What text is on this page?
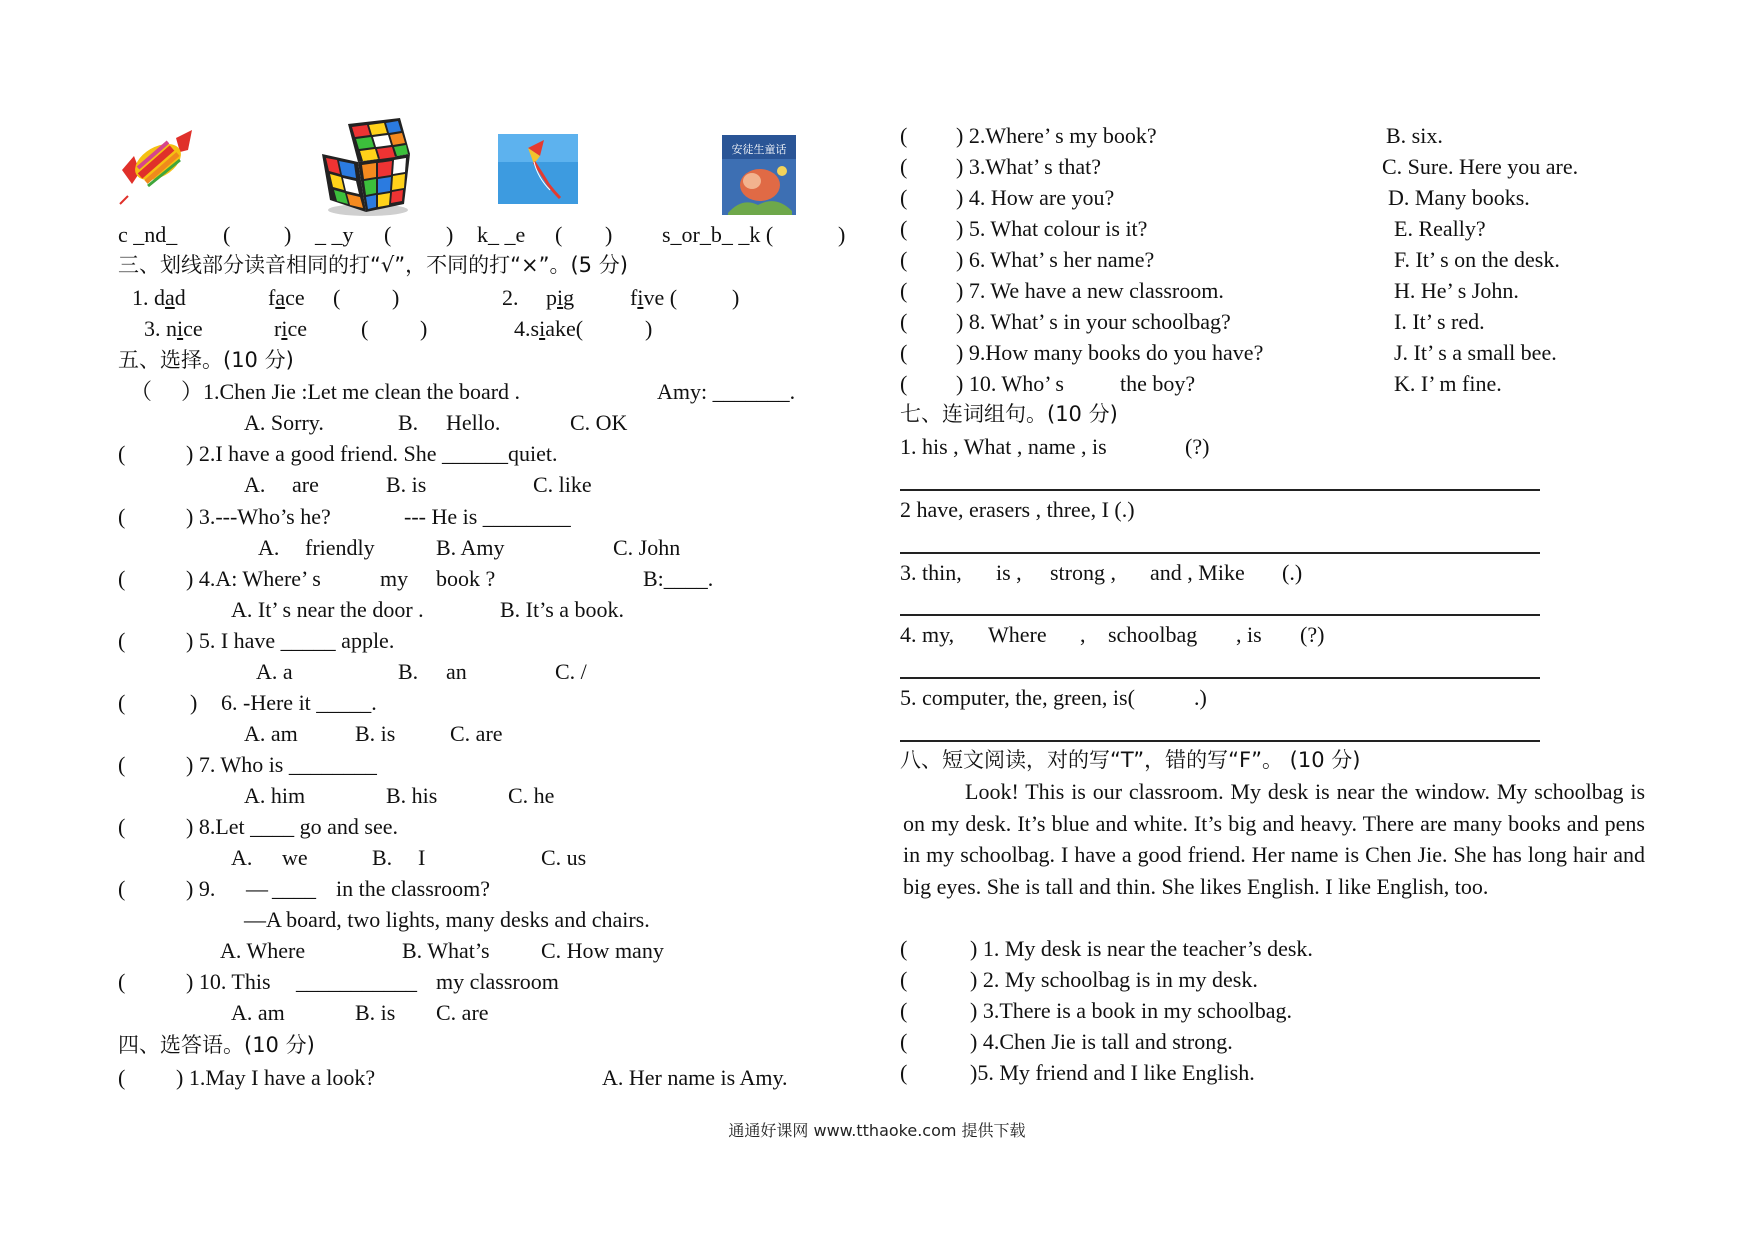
安徒生童话
c _nd_ ( ) _ _y ( ) k_ _e ( ) s_or_b_ _k (	)
三、划线部分读音相同的打“√”，不同的打“×”。(5 分)
1. dad	face ( )	2. pig	five ( )
3. nice	rice ( )	4.siake(	)
五、选择。(10 分)
（ ）1.Chen Jie :Let me clean the board .	Amy: _______.
A. Sorry.	B. Hello.	C. OK
(	) 2.I have a good friend. She ______quiet.
A. are	B. is	C. like
(	) 3.---Who’s he?	--- He is ________
A. friendly	B. Amy	C. John
(	) 4.A: Where’ s	my book ?	B:____.
A. It’ s near the door .	B. It’s a book.
(	) 5. I have _____ apple.
A. a	B. an	C. /
(	) 6. -Here it _____.
A. am	B. is C. are
(	) 7. Who is ________
A. him	B. his	C. he
(	) 8.Let ____ go and see.
A. we	B. I	C. us
(	) 9. — ____ in the classroom?
—A board, two lights, many desks and chairs.
A. Where	B. What’s C. How many
(	) 10. This ___________ my classroom
A. am	B. is C. are
四、选答语。(10 分)
( ) 1.May I have a look?	A. Her name is Amy.
( ) 2.Where’ s my book?	B. six.
( ) 3.What’ s that?	C. Sure. Here you are.
( ) 4. How are you?	D. Many books.
( ) 5. What colour is it?	E. Really?
( ) 6. What’ s her name?	F. It’ s on the desk.
( ) 7. We have a new classroom.	H. He’ s John.
( ) 8. What’ s in your schoolbag?	I. It’ s red.
( ) 9.How many books do you have?	J. It’ s a small bee.
( ) 10. Who’ s	the boy?	K. I’ m fine.
七、连词组句。(10 分)
1. his , What , name , is	(?)
2 have, erasers , three, I (.)
3. thin, is , strong , and , Mike (.)
4. my, Where , schoolbag , is (?)
5. computer, the, green, is(	.)
八、短文阅读，对的写“T”，错的写“F”。 (10 分)
Look! This is our classroom. My desk is near the window. My schoolbag is on my desk. It’s blue and white. It’s big and heavy. There are many books and pens in my schoolbag. I have a good friend. Her name is Chen Jie. She has long hair and big eyes. She is tall and thin. She likes English. I like English, too.
(	) 1. My desk is near the teacher’s desk.
(	) 2. My schoolbag is in my desk.
(	) 3.There is a book in my schoolbag.
(	) 4.Chen Jie is tall and strong.
(	)5. My friend and I like English.
通通好课网 www.tthaoke.com 提供下载
